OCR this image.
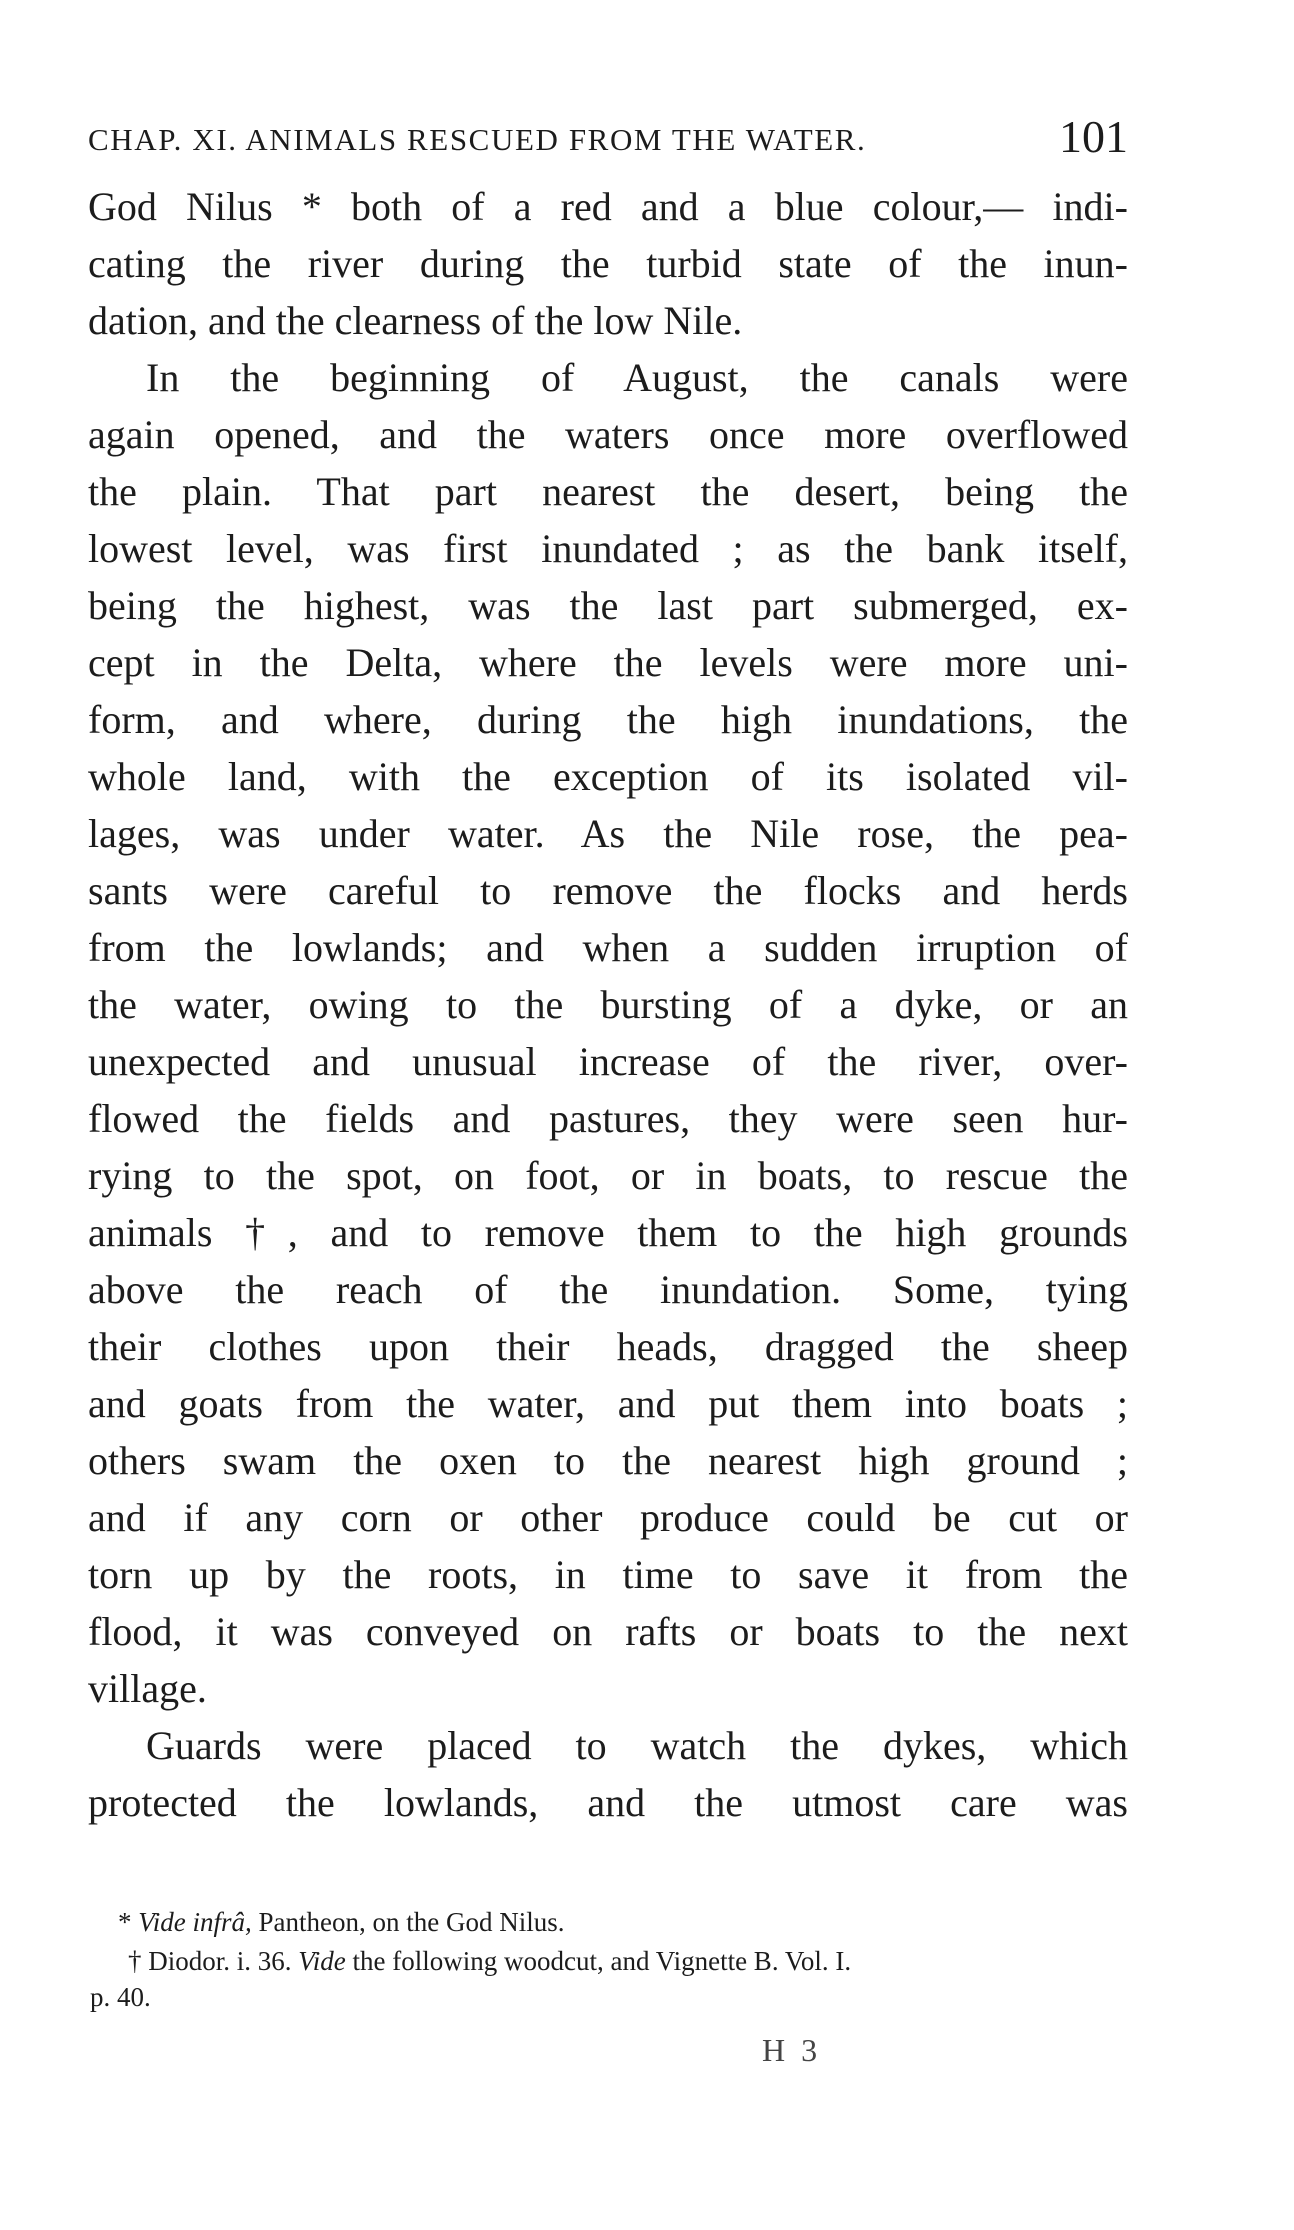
CHAP. XI. ANIMALS RESCUED FROM THE WATER.	101
God Nilus * both of a red and a blue colour,— indi-
cating the river during the turbid state of the inun-
dation, and the clearness of the low Nile.
In the beginning of August, the canals were
again opened, and the waters once more overflowed
the plain. That part nearest the desert, being the
lowest level, was first inundated ; as the bank itself,
being the highest, was the last part submerged, ex-
cept in the Delta, where the levels were more uni-
form, and where, during the high inundations, the
whole land, with the exception of its isolated vil-
lages, was under water. As the Nile rose, the pea-
sants were careful to remove the flocks and herds
from the lowlands; and when a sudden irruption of
the water, owing to the bursting of a dyke, or an
unexpected and unusual increase of the river, over-
flowed the fields and pastures, they were seen hur-
rying to the spot, on foot, or in boats, to rescue the
animals †, and to remove them to the high grounds
above the reach of the inundation. Some, tying
their clothes upon their heads, dragged the sheep
and goats from the water, and put them into boats ;
others swam the oxen to the nearest high ground ;
and if any corn or other produce could be cut or
torn up by the roots, in time to save it from the
flood, it was conveyed on rafts or boats to the next
village.
Guards were placed to watch the dykes, which
protected the lowlands, and the utmost care was
* Vide infrâ, Pantheon, on the God Nilus.
† Diodor. i. 36. Vide the following woodcut, and Vignette B. Vol. I.
p. 40.
H 3
